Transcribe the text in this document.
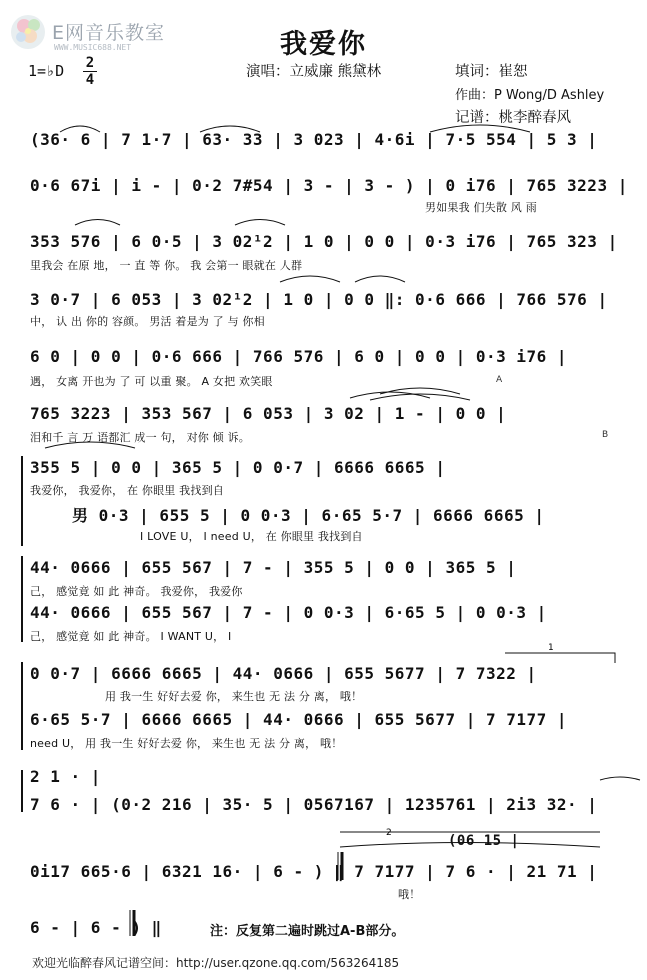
E网音乐教室
WWW.MUSIC688.NET	我爱你
1=♭D 2
4	演唱：立威廉 熊黛林	填词：崔恕
作曲：P Wong/D Ashley
记谱：桃李醉春风
(36· 6 | 7 1·7 | 63· 33 | 3 023 | 4·6i | 7·5 554 | 5 3 |
0·6 67i | i - | 0·2 7#54 | 3 - | 3 - ) | 0 i76 | 765 3223 |
男如果我 们失散 风 雨
353 576 | 6 0·5 | 3 02¹2 | 1 0 | 0 0 | 0·3 i76 | 765 323 |
里我会 在原 地， 一 直 等 你。 我 会第一 眼就在 人群
3 0·7 | 6 053 | 3 02¹2 | 1 0 | 0 0 ‖: 0·6 666 | 766 576 |
中， 认 出 你的 容颜。 男活 着是为 了 与 你相
6 0 | 0 0 | 0·6 666 | 766 576 | 6 0 | 0 0 | 0·3 i76 |
遇， 女离 开也为 了 可 以重 聚。 A 女把 欢笑眼
765 3223 | 353 567 | 6 053 | 3 02 | 1 - | 0 0 |
泪和千 言 万 语都汇 成一 句， 对你 倾 诉。	B
355 5 | 0 0 | 365 5 | 0 0·7 | 6666 6665 |
我爱你， 我爱你， 在 你眼里 我找到自
男 0·3 | 655 5 | 0 0·3 | 6·65 5·7 | 6666 6665 |
I LOVE U， I need U， 在 你眼里 我找到自
44· 0666 | 655 567 | 7 - | 355 5 | 0 0 | 365 5 |
己， 感觉竟 如 此 神奇。 我爱你， 我爱你
44· 0666 | 655 567 | 7 - | 0 0·3 | 6·65 5 | 0 0·3 |
己， 感觉竟 如 此 神奇。 I WANT U， I
0 0·7 | 6666 6665 | 44· 0666 | 655 5677 | 7 7322 |
用 我一生 好好去爱 你， 来生也 无 法 分 离， 哦！
6·65 5·7 | 6666 6665 | 44· 0666 | 655 5677 | 7 7177 |
need U， 用 我一生 好好去爱 你， 来生也 无 法 分 离， 哦！
2 1 · |
7 6 · | (0·2 216 | 35· 5 | 0567167 | 1235761 | 2i3 32· |
(06 15 |
0i17 665·6 | 6321 16· | 6 - ) ‖ 7 7177 | 7 6 · | 21 71 |
哦！
6 - | 6 - ) ‖	注：反复第二遍时跳过A-B部分。
欢迎光临醉春风记谱空间：http://user.qzone.qq.com/563264185
1
2
A
